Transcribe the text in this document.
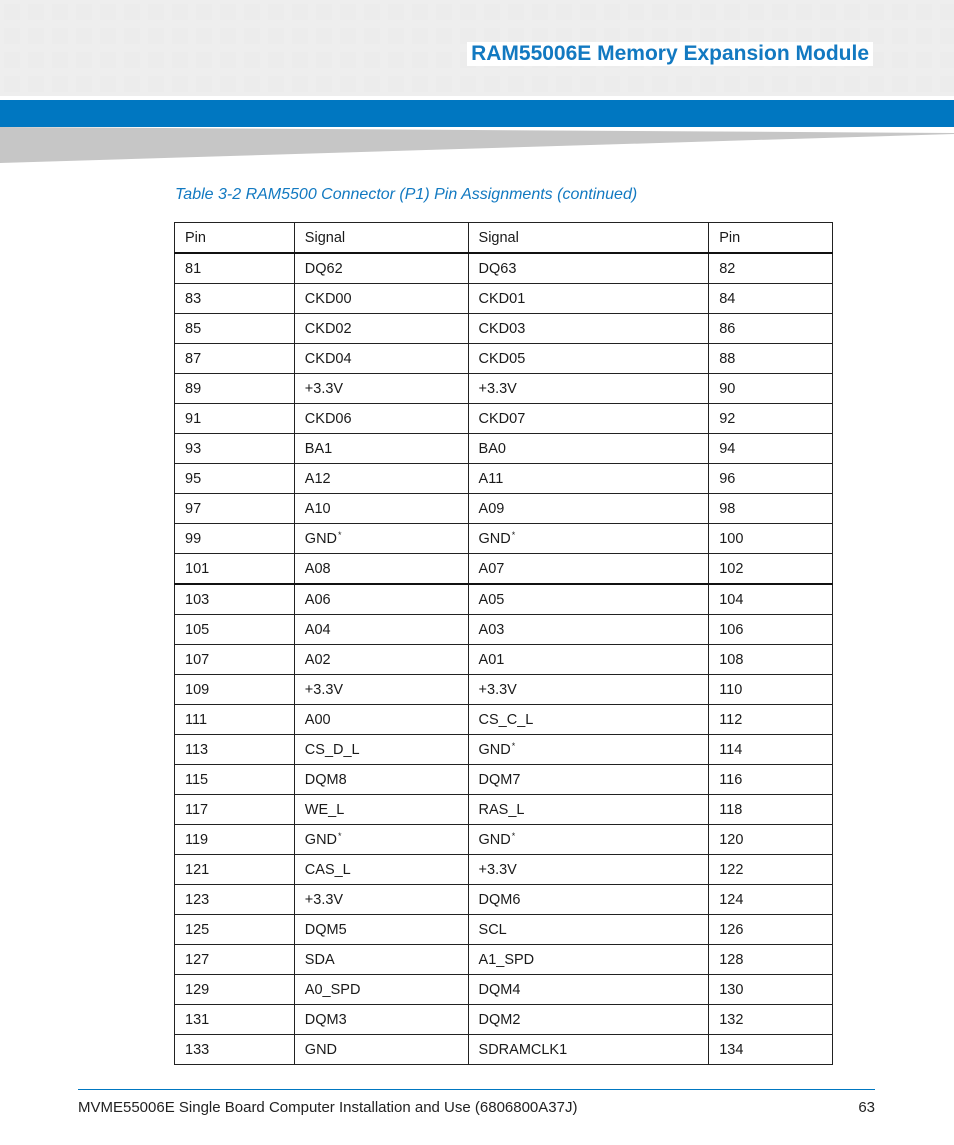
RAM55006E Memory Expansion Module
Table 3-2 RAM5500 Connector (P1) Pin Assignments (continued)
Pin	Signal	Signal	Pin
81	DQ62	DQ63	82
83	CKD00	CKD01	84
85	CKD02	CKD03	86
87	CKD04	CKD05	88
89	+3.3V	+3.3V	90
91	CKD06	CKD07	92
93	BA1	BA0	94
95	A12	A11	96
97	A10	A09	98
99	GND*	GND*	100
101	A08	A07	102
103	A06	A05	104
105	A04	A03	106
107	A02	A01	108
109	+3.3V	+3.3V	110
111	A00	CS_C_L	112
113	CS_D_L	GND*	114
115	DQM8	DQM7	116
117	WE_L	RAS_L	118
119	GND*	GND*	120
121	CAS_L	+3.3V	122
123	+3.3V	DQM6	124
125	DQM5	SCL	126
127	SDA	A1_SPD	128
129	A0_SPD	DQM4	130
131	DQM3	DQM2	132
133	GND	SDRAMCLK1	134
MVME55006E Single Board Computer Installation and Use (6806800A37J)	63
